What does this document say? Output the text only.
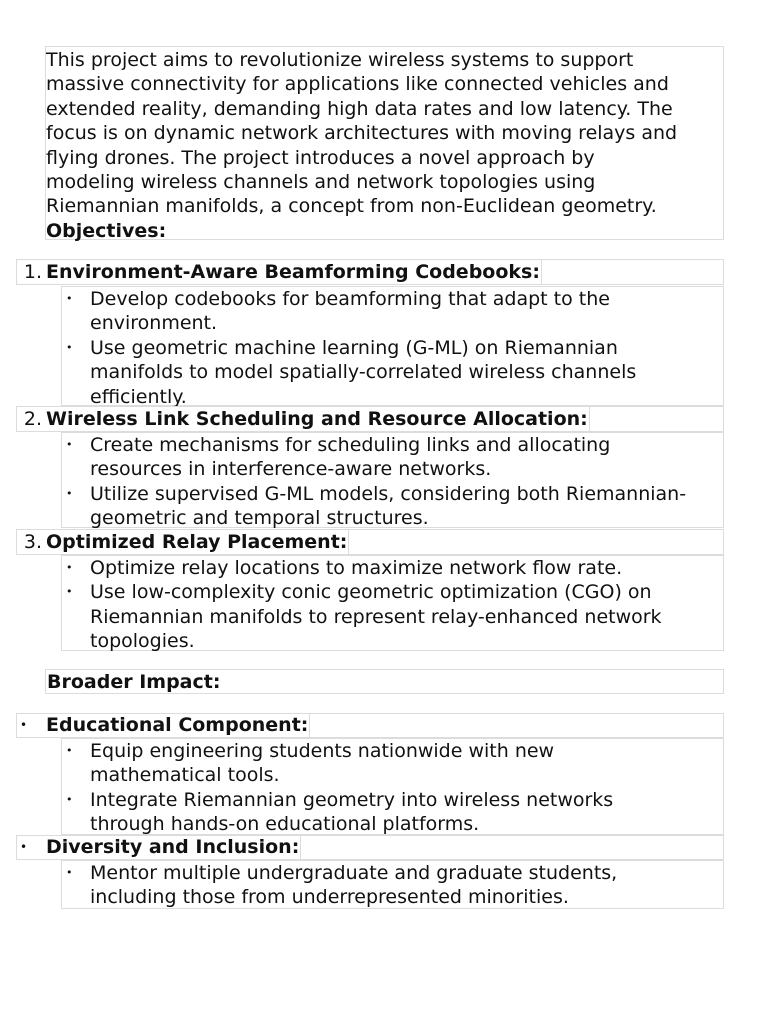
This project aims to revolutionize wireless systems to support
massive connectivity for applications like connected vehicles and
extended reality, demanding high data rates and low latency. The
focus is on dynamic network architectures with moving relays and
flying drones. The project introduces a novel approach by
modeling wireless channels and network topologies using
Riemannian manifolds, a concept from non-Euclidean geometry.
Objectives:

1. Environment-Aware Beamforming Codebooks:
• Develop codebooks for beamforming that adapt to the
environment.
• Use geometric machine learning (G-ML) on Riemannian
manifolds to model spatially-correlated wireless channels
efficiently.
2. Wireless Link Scheduling and Resource Allocation:
• Create mechanisms for scheduling links and allocating
resources in interference-aware networks.
• Utilize supervised G-ML models, considering both Riemannian-
geometric and temporal structures.
3. Optimized Relay Placement:
• Optimize relay locations to maximize network flow rate.
• Use low-complexity conic geometric optimization (CGO) on
Riemannian manifolds to represent relay-enhanced network
topologies.
Broader Impact:
• Educational Component:
• Equip engineering students nationwide with new
mathematical tools.
• Integrate Riemannian geometry into wireless networks
through hands-on educational platforms.
• Diversity and Inclusion:
• Mentor multiple undergraduate and graduate students,
including those from underrepresented minorities.
